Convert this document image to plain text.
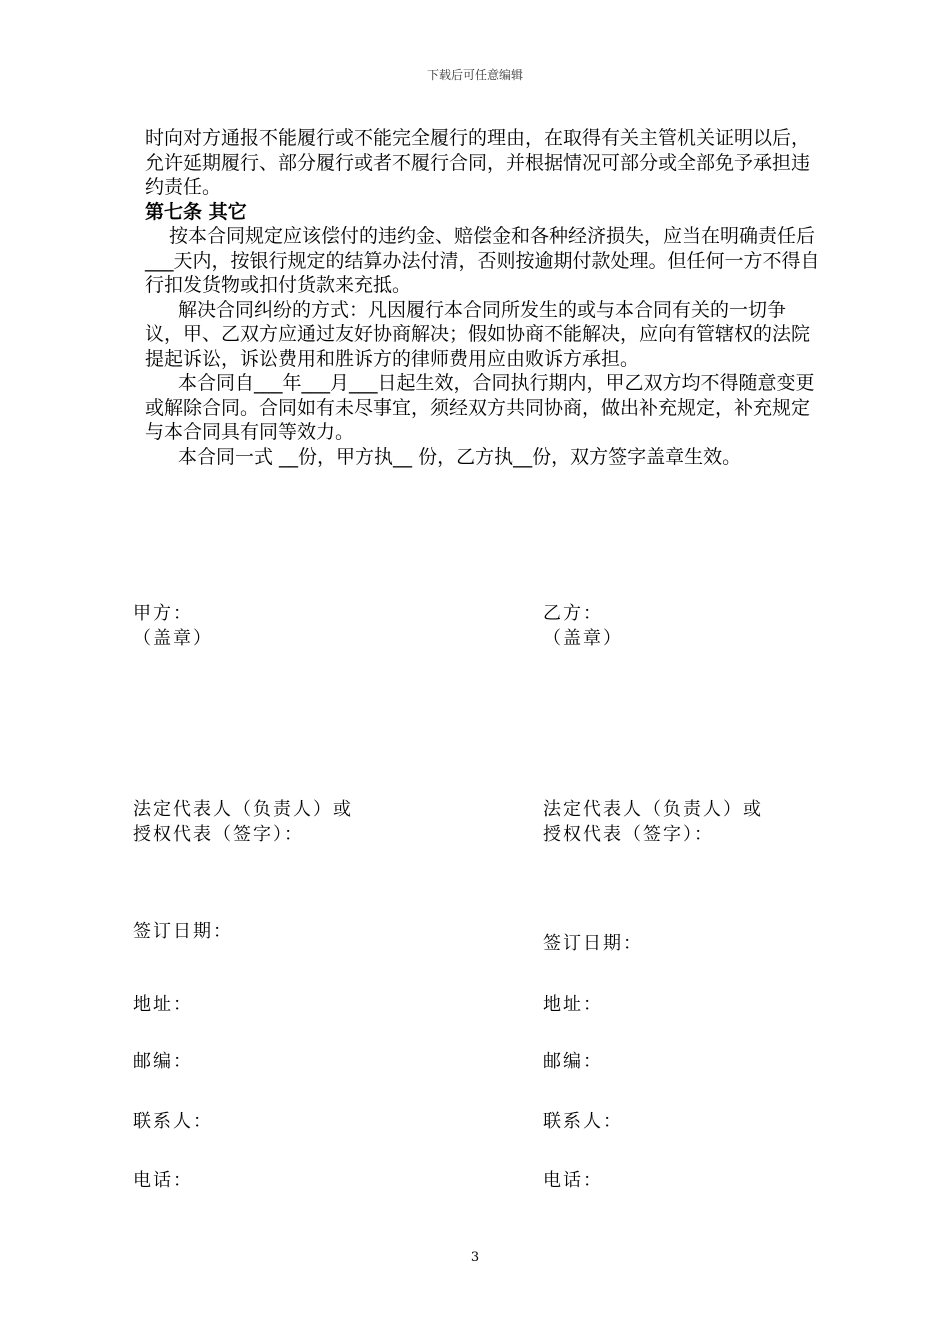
下载后可任意编辑

时向对方通报不能履行或不能完全履行的理由，在取得有关主管机关证明以后，允许延期履行、部分履行或者不履行合同，并根据情况可部分或全部免予承担违约责任。

第七条 其它

按本合同规定应该偿付的违约金、赔偿金和各种经济损失，应当在明确责任后___天内，按银行规定的结算办法付清，否则按逾期付款处理。但任何一方不得自行扣发货物或扣付货款来充抵。

解决合同纠纷的方式：凡因履行本合同所发生的或与本合同有关的一切争议，甲、乙双方应通过友好协商解决；假如协商不能解决，应向有管辖权的法院提起诉讼，诉讼费用和胜诉方的律师费用应由败诉方承担。

本合同自___年___月___日起生效，合同执行期内，甲乙双方均不得随意变更或解除合同。合同如有未尽事宜，须经双方共同协商，做出补充规定，补充规定与本合同具有同等效力。

本合同一式 __份，甲方执__ 份，乙方执__份，双方签字盖章生效。

甲方：
（盖章）
法定代表人（负责人）或
授权代表（签字）：
签订日期：
地址：
邮编：
联系人：
电话：
乙方：
（盖章）
法定代表人（负责人）或
授权代表（签字）：
签订日期：
地址：
邮编：
联系人：
电话：
3
